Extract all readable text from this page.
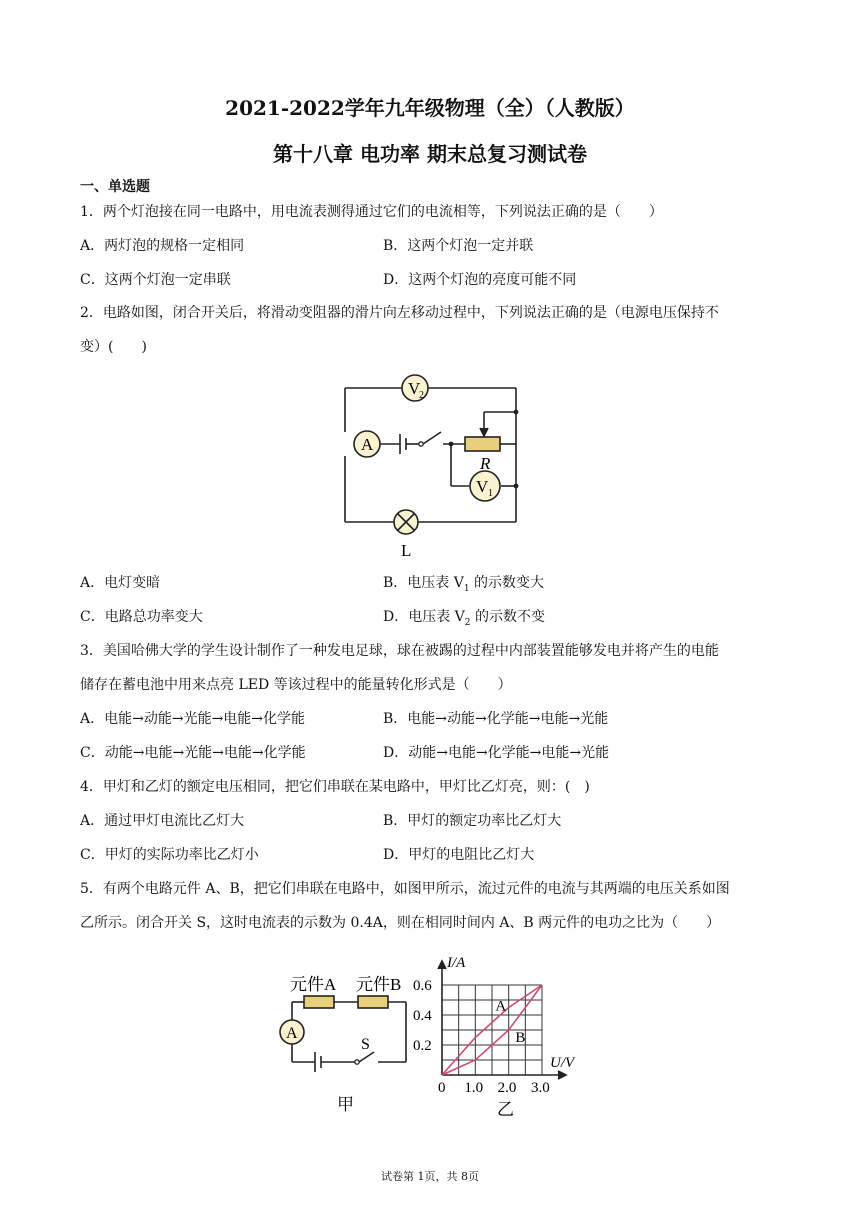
2021-2022学年九年级物理（全）（人教版）
第十八章 电功率 期末总复习测试卷
一、单选题
1．两个灯泡接在同一电路中，用电流表测得通过它们的电流相等，下列说法正确的是（　　）
A．两灯泡的规格一定相同	B．这两个灯泡一定并联
C．这两个灯泡一定串联	D．这两个灯泡的亮度可能不同
2．电路如图，闭合开关后，将滑动变阻器的滑片向左移动过程中，下列说法正确的是（电源电压保持不
变）(　　)
V
2
A
V 1
R
L
A．电灯变暗	B．电压表 $V_1$ 的示数变大
C．电路总功率变大	D．电压表 $V_2$ 的示数不变
3．美国哈佛大学的学生设计制作了一种发电足球，球在被踢的过程中内部装置能够发电并将产生的电能
储存在蓄电池中用来点亮 LED 等该过程中的能量转化形式是（　　）
A．电能→动能→光能→电能→化学能	B．电能→动能→化学能→电能→光能
C．动能→电能→光能→电能→化学能	D．动能→电能→化学能→电能→光能
4．甲灯和乙灯的额定电压相同，把它们串联在某电路中，甲灯比乙灯亮，则：(　)
A．通过甲灯电流比乙灯大	B．甲灯的额定功率比乙灯大
C．甲灯的实际功率比乙灯小	D．甲灯的电阻比乙灯大
5．有两个电路元件 A、B，把它们串联在电路中，如图甲所示，流过元件的电流与其两端的电压关系如图
乙所示。闭合开关 S，这时电流表的示数为 0.4A，则在相同时间内 A、B 两元件的电功之比为（　　）
A
元件A 元件B
S
甲
A
B
0 1.0 2.0 3.0
0.2
0.4
0.6
I/A
U/V
乙
试卷第 1页，共 8页
